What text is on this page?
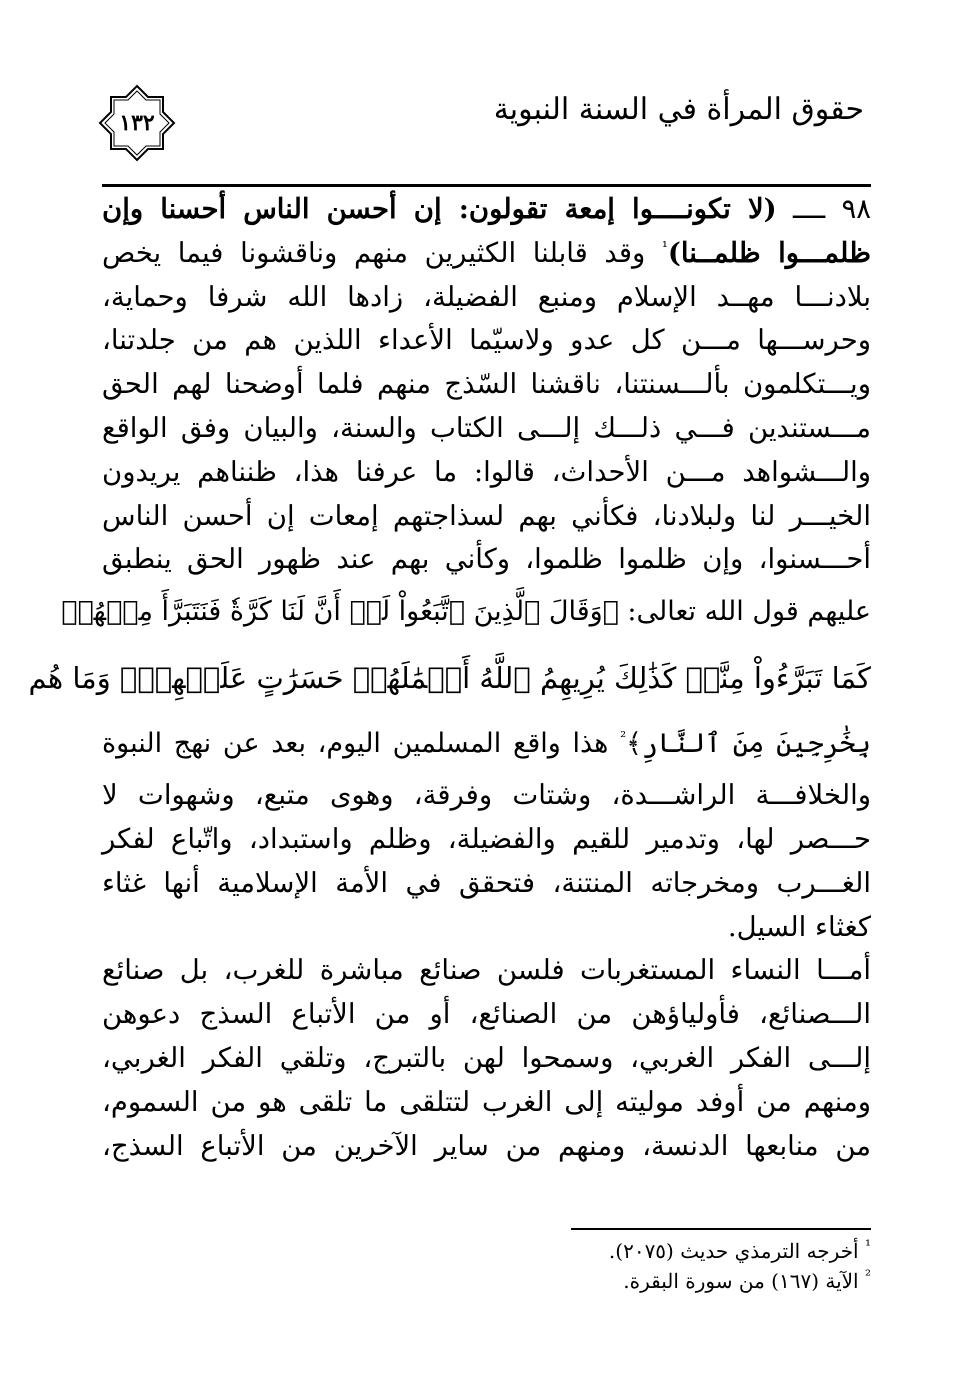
حقوق المرأة في السنة النبوية
١٣٢
٩٨ ــــ (لا تكونــــوا إمعة تقولون: إن أحسن الناس أحسنا وإن
ظلمـــوا ظلمــنا)$^{^1}$ وقد قابلنا الكثيرين منهم وناقشونا فيما يخص
بلادنـــا مهــد الإسلام ومنبع الفضيلة، زادها الله شرفا وحماية،
وحرســـها مـــن كل عدو ولاسيّما الأعداء اللذين هم من جلدتنا،
ويـــتكلمون بألـــسنتنا، ناقشنا السّذج منهم فلما أوضحنا لهم الحق
مـــستندين فـــي ذلـــك إلـــى الكتاب والسنة، والبيان وفق الواقع
والـــشواهد مـــن الأحداث، قالوا: ما عرفنا هذا، ظنناهم يريدون
الخيـــر لنا ولبلادنا، فكأني بهم لسذاجتهم إمعات إن أحسن الناس
أحـــسنوا، وإن ظلموا ظلموا، وكأني بهم عند ظهور الحق ينطبق
عليهم قول الله تعالى: ﴿وَقَالَ ٱلَّذِينَ ٱتَّبَعُواْ لَوۡ أَنَّ لَنَا كَرَّةٗ فَنَتَبَرَّأَ مِنۡهُمۡ
كَمَا تَبَرَّءُواْ مِنَّاۗ كَذَٰلِكَ يُرِيهِمُ ٱللَّهُ أَعۡمَٰلَهُمۡ حَسَرَٰتٍ عَلَيۡهِمۡۖ وَمَا هُم
بِخَٰرِجِينَ مِنَ ٱلنَّارِ﴾$^{^2}$ هذا واقع المسلمين اليوم، بعد عن نهج النبوة
والخلافـــة الراشـــدة، وشتات وفرقة، وهوى متبع، وشهوات لا
حـــصر لها، وتدمير للقيم والفضيلة، وظلم واستبداد، واتّباع لفكر
الغـــرب ومخرجاته المنتنة، فتحقق في الأمة الإسلامية أنها غثاء
كغثاء السيل.
أمـــا النساء المستغربات فلسن صنائع مباشرة للغرب، بل صنائع
الـــصنائع، فأولياؤهن من الصنائع، أو من الأتباع السذج دعوهن
إلـــى الفكر الغربي، وسمحوا لهن بالتبرج، وتلقي الفكر الغربي،
ومنهم من أوفد موليته إلى الغرب لتتلقى ما تلقى هو من السموم،
من منابعها الدنسة، ومنهم من ساير الآخرين من الأتباع السذج،
$^{^1}$ أخرجه الترمذي حديث (٢٠٧٥).
$^{^2}$ الآية (١٦٧) من سورة البقرة.
